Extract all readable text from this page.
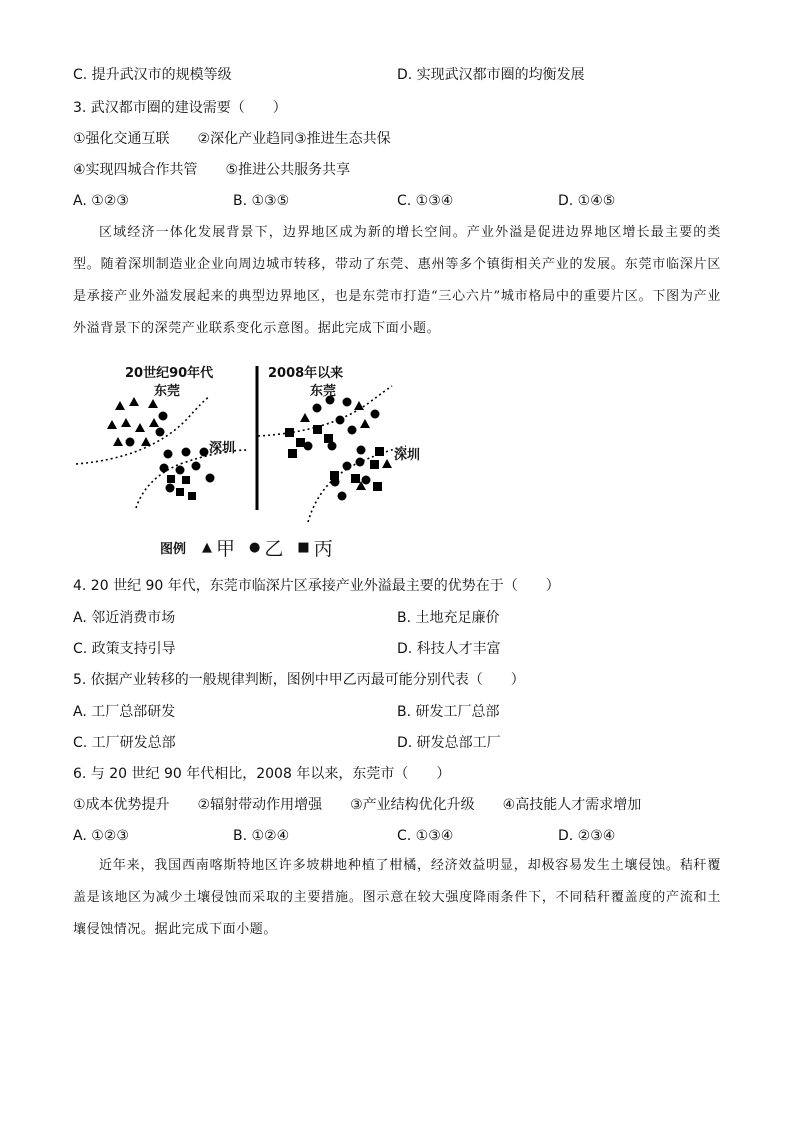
C. 提升武汉市的规模等级	D. 实现武汉都市圈的均衡发展
3. 武汉都市圈的建设需要（　　）
①强化交通互联　　②深化产业趋同③推进生态共保
④实现四城合作共管　　⑤推进公共服务共享
A. ①②③	B. ①③⑤	C. ①③④	D. ①④⑤
区域经济一体化发展背景下，边界地区成为新的增长空间。产业外溢是促进边界地区增长最主要的类型。随着深圳制造业企业向周边城市转移，带动了东莞、惠州等多个镇街相关产业的发展。东莞市临深片区是承接产业外溢发展起来的典型边界地区，也是东莞市打造“三心六片”城市格局中的重要片区。下图为产业外溢背景下的深莞产业联系变化示意图。据此完成下面小题。
20世纪90年代	2008年以来
东莞
深圳
东莞
深圳
图例 ▲ 甲 ● 乙 ■ 丙
4. 20 世纪 90 年代，东莞市临深片区承接产业外溢最主要的优势在于（　　）
A. 邻近消费市场	B. 土地充足廉价
C. 政策支持引导	D. 科技人才丰富
5. 依据产业转移的一般规律判断，图例中甲乙丙最可能分别代表（　　）
A. 工厂总部研发	B. 研发工厂总部
C. 工厂研发总部	D. 研发总部工厂
6. 与 20 世纪 90 年代相比，2008 年以来，东莞市（　　）
①成本优势提升　　②辐射带动作用增强　　③产业结构优化升级　　④高技能人才需求增加
A. ①②③	B. ①②④	C. ①③④	D. ②③④
近年来，我国西南喀斯特地区许多坡耕地种植了柑橘，经济效益明显，却极容易发生土壤侵蚀。秸秆覆盖是该地区为减少土壤侵蚀而采取的主要措施。图示意在较大强度降雨条件下，不同秸秆覆盖度的产流和土壤侵蚀情况。据此完成下面小题。
